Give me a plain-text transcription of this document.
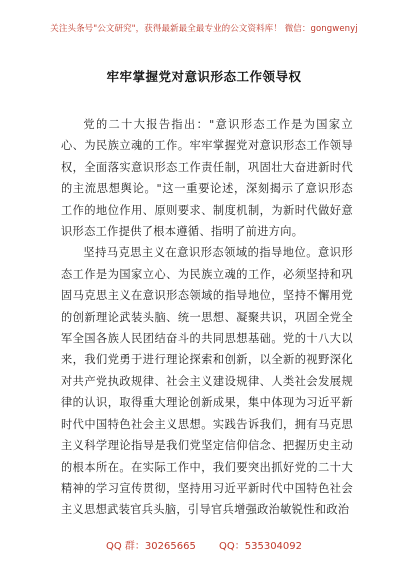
关注头条号"公文研究"，获得最新最全最专业的公文资料库！ 微信：gongwenyj
牢牢掌握党对意识形态工作领导权

党的二十大报告指出："意识形态工作是为国家立心、为民族立魂的工作。牢牢掌握党对意识形态工作领导权，全面落实意识形态工作责任制，巩固壮大奋进新时代的主流思想舆论。"这一重要论述，深刻揭示了意识形态工作的地位作用、原则要求、制度机制，为新时代做好意识形态工作提供了根本遵循、指明了前进方向。

坚持马克思主义在意识形态领域的指导地位。意识形态工作是为国家立心、为民族立魂的工作，必须坚持和巩固马克思主义在意识形态领域的指导地位，坚持不懈用党的创新理论武装头脑、统一思想、凝聚共识，巩固全党全军全国各族人民团结奋斗的共同思想基础。党的十八大以来，我们党勇于进行理论探索和创新，以全新的视野深化对共产党执政规律、社会主义建设规律、人类社会发展规律的认识，取得重大理论创新成果，集中体现为习近平新时代中国特色社会主义思想。实践告诉我们，拥有马克思主义科学理论指导是我们党坚定信仰信念、把握历史主动的根本所在。在实际工作中，我们要突出抓好党的二十大精神的学习宣传贯彻，坚持用习近平新时代中国特色社会主义思想武装官兵头脑，引导官兵增强政治敏锐性和政治

QQ 群：30265665 QQ：535304092
